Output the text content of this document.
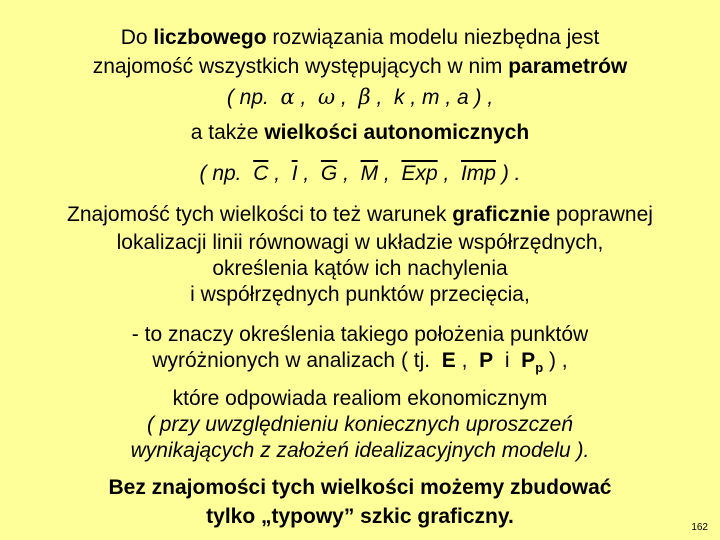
Do liczbowego rozwiązania modelu niezbędna jest
znajomość wszystkich występujących w nim parametrów
( np. α ,  ω ,  β ,  k , m , a ) ,
a także wielkości autonomicznych
( np. $\overline{C}$ ,  $\overline{I}$ ,  $\overline{G}$ ,  $\overline{M}$ ,  $\overline{Exp}$ ,  $\overline{Imp}$ ) .
Znajomość tych wielkości to też warunek graficznie poprawnej
lokalizacji linii równowagi w układzie współrzędnych,
określenia kątów ich nachylenia
i współrzędnych punktów przecięcia,
- to znaczy określenia takiego położenia punktów
wyróżnionych w analizach ( tj. E ,  P i $P_p$ ) ,
które odpowiada realiom ekonomicznym
( przy uwzględnieniu koniecznych uproszczeń
wynikających z założeń idealizacyjnych modelu ).
Bez znajomości tych wielkości możemy zbudować
tylko „typowy” szkic graficzny.	162
